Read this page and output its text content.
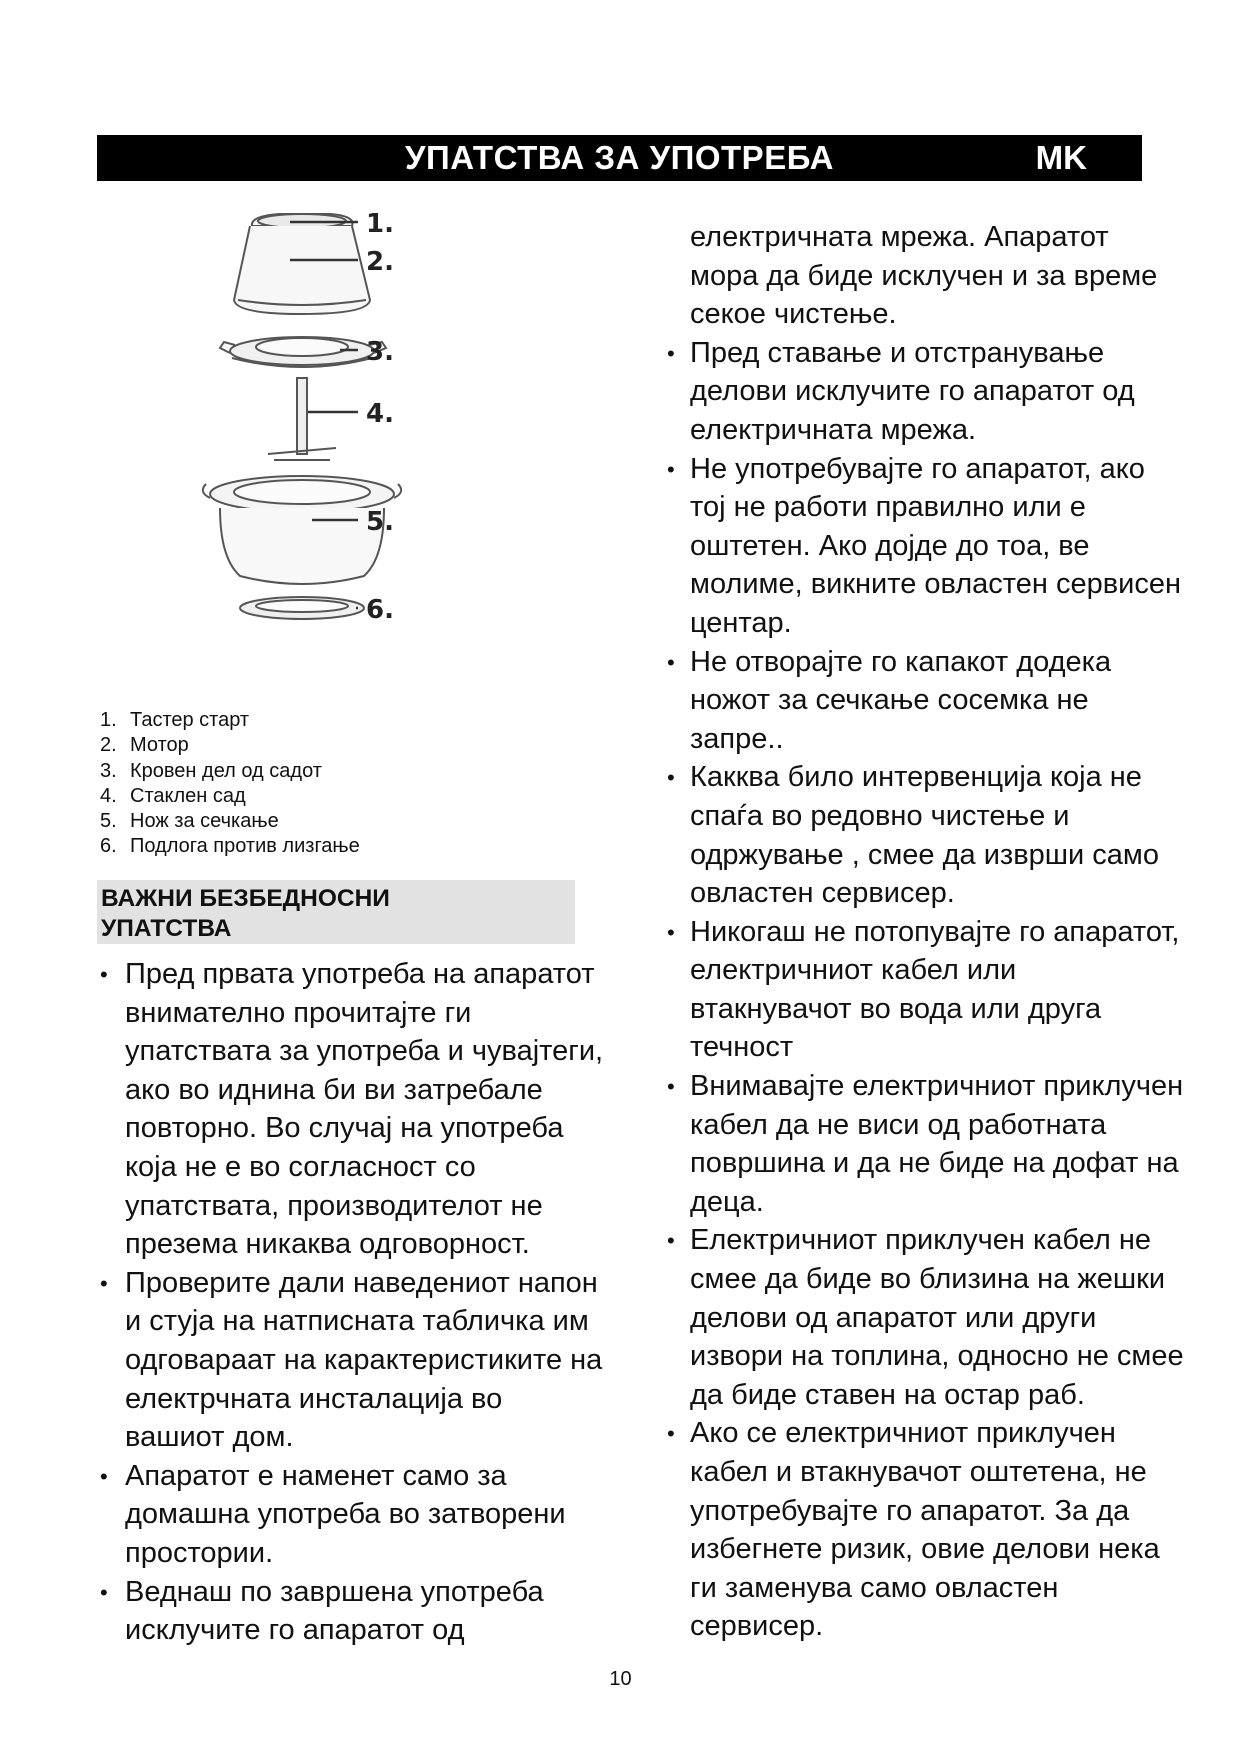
УПАТСТВА ЗА УПОТРЕБА	MK
1.
2.
3.
4.
5.
6.
1. Тастер старт
2. Мотор
3. Кровен дел од садот
4. Стаклен сад
5. Нож за сечкање
6. Подлога против лизгање
ВАЖНИ БЕЗБЕДНОСНИ
УПАТСТВА
• Пред првата употреба на апаратот внимателно прочитајте ги упатствата за употреба и чувајтеги, ако во иднина би ви затребале повторно. Во случај на употреба која не е во согласност со упатствата, производителот не презема никаква одговорност.
• Проверите дали наведениот напон и стуја на натписната табличка им одговараат на карактеристиките на електрчната инсталација во вашиот дом.
• Апаратот е наменет само за домашна употреба во затворени простории.
• Веднаш по завршена употреба исклучите го апаратот од
електричната мрежа. Апаратот мора да биде исклучен и за време секое чистење.
• Пред ставање и отстранување делови исклучите го апаратот од електричната мрежа.
• Не употребувајте го апаратот, ако тој не работи правилно или е оштетен. Ако дојде до тоа, ве молиме, викните овластен сервисен центар.
• Не отворајте го капакот додека ножот за сечкање сосемка не запре..
• Какква било интервенција која не спаѓа во редовно чистење и одржување , смее да изврши само овластен сервисер.
• Никогаш не потопувајте го апаратот, електричниот кабел или втакнувачот во вода или друга течност
• Внимавајте електричниот приклучен кабел да не виси од работната површина и да не биде на дофат на деца.
• Електричниот приклучен кабел не смее да биде во близина на жешки делови од апаратот или други извори на топлина, односно не смее да биде ставен на остар раб.
• Ако се електричниот приклучен кабел и втакнувачот оштетена, не употребувајте го апаратот. За да избегнете ризик, овие делови нека ги заменува само овластен сервисер.
10
